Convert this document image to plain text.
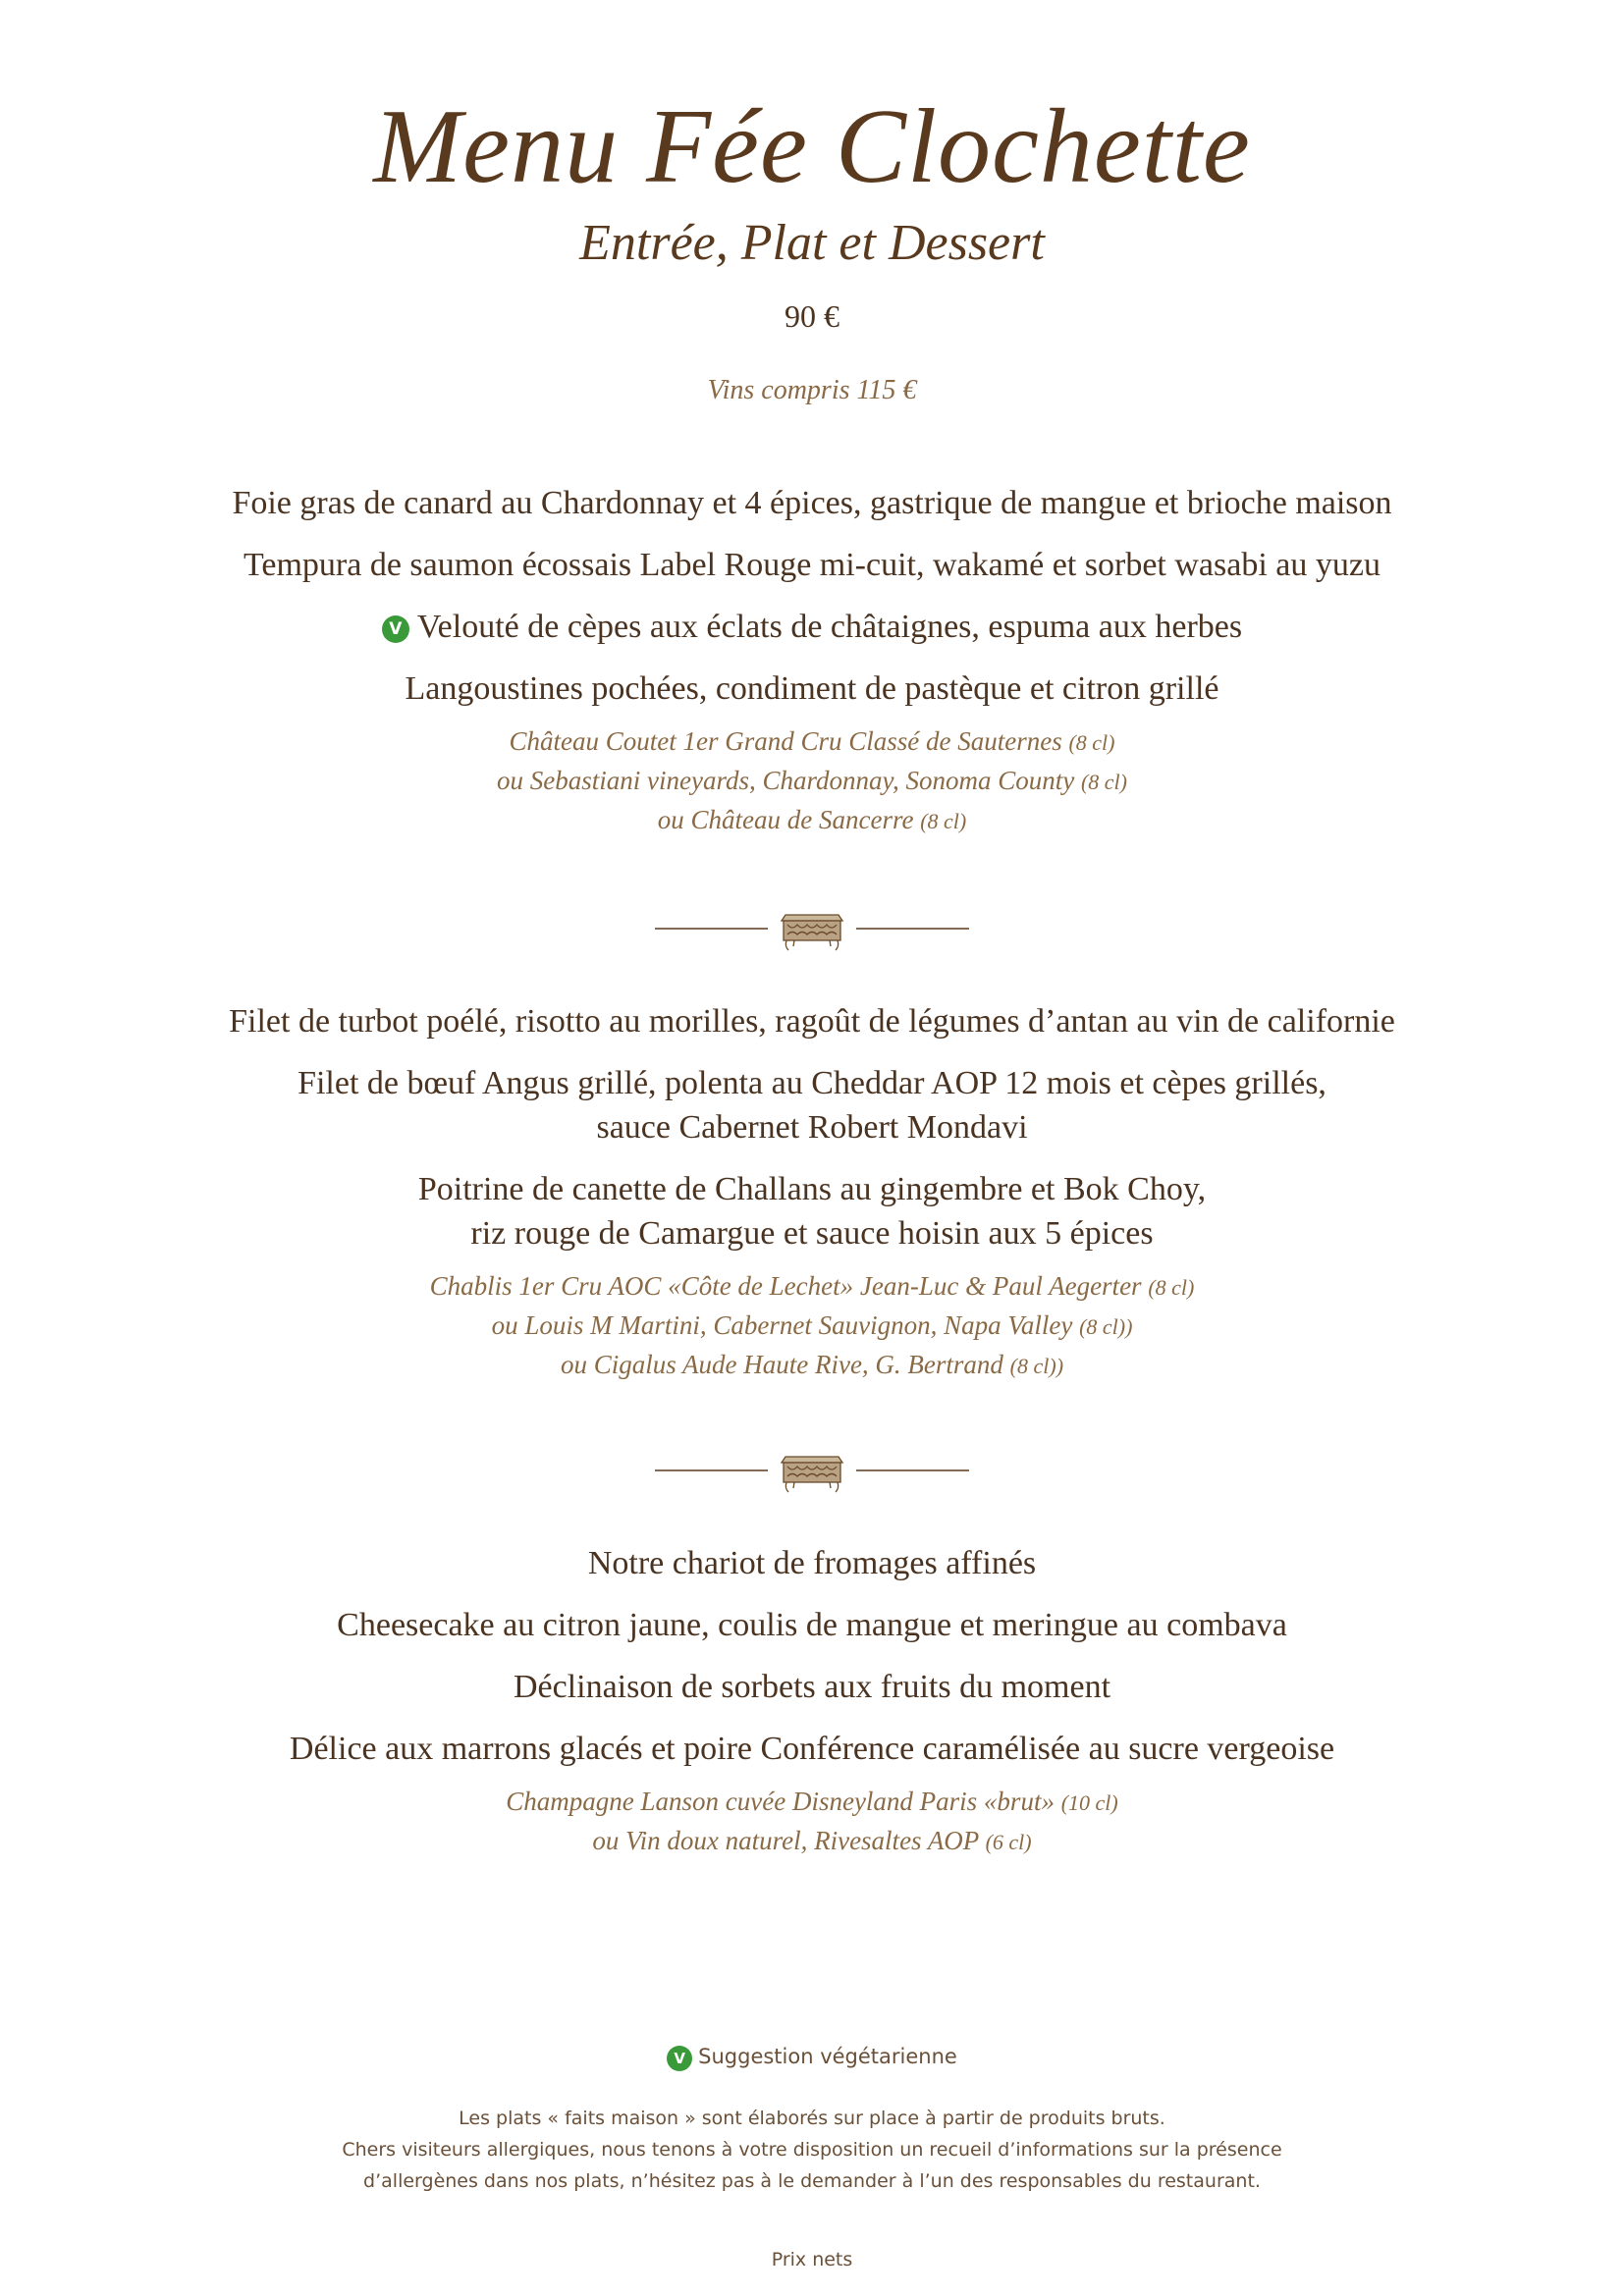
Menu Fée Clochette
Entrée, Plat et Dessert
90 €
Vins compris 115 €
Foie gras de canard au Chardonnay et 4 épices, gastrique de mangue et brioche maison
Tempura de saumon écossais Label Rouge mi-cuit, wakamé et sorbet wasabi au yuzu
V Velouté de cèpes aux éclats de châtaignes, espuma aux herbes
Langoustines pochées, condiment de pastèque et citron grillé
Château Coutet 1er Grand Cru Classé de Sauternes (8 cl)
ou Sebastiani vineyards, Chardonnay, Sonoma County (8 cl)
ou Château de Sancerre (8 cl)
Filet de turbot poélé, risotto au morilles, ragoût de légumes d’antan au vin de californie
Filet de bœuf Angus grillé, polenta au Cheddar AOP 12 mois et cèpes grillés,
sauce Cabernet Robert Mondavi
Poitrine de canette de Challans au gingembre et Bok Choy,
riz rouge de Camargue et sauce hoisin aux 5 épices
Chablis 1er Cru AOC «Côte de Lechet» Jean-Luc & Paul Aegerter (8 cl)
ou Louis M Martini, Cabernet Sauvignon, Napa Valley (8 cl))
ou Cigalus Aude Haute Rive, G. Bertrand (8 cl))
Notre chariot de fromages affinés
Cheesecake au citron jaune, coulis de mangue et meringue au combava
Déclinaison de sorbets aux fruits du moment
Délice aux marrons glacés et poire Conférence caramélisée au sucre vergeoise
Champagne Lanson cuvée Disneyland Paris «brut» (10 cl)
ou Vin doux naturel, Rivesaltes AOP (6 cl)
V Suggestion végétarienne
Les plats « faits maison » sont élaborés sur place à partir de produits bruts.
Chers visiteurs allergiques, nous tenons à votre disposition un recueil d’informations sur la présence
d’allergènes dans nos plats, n’hésitez pas à le demander à l’un des responsables du restaurant.
Prix nets
